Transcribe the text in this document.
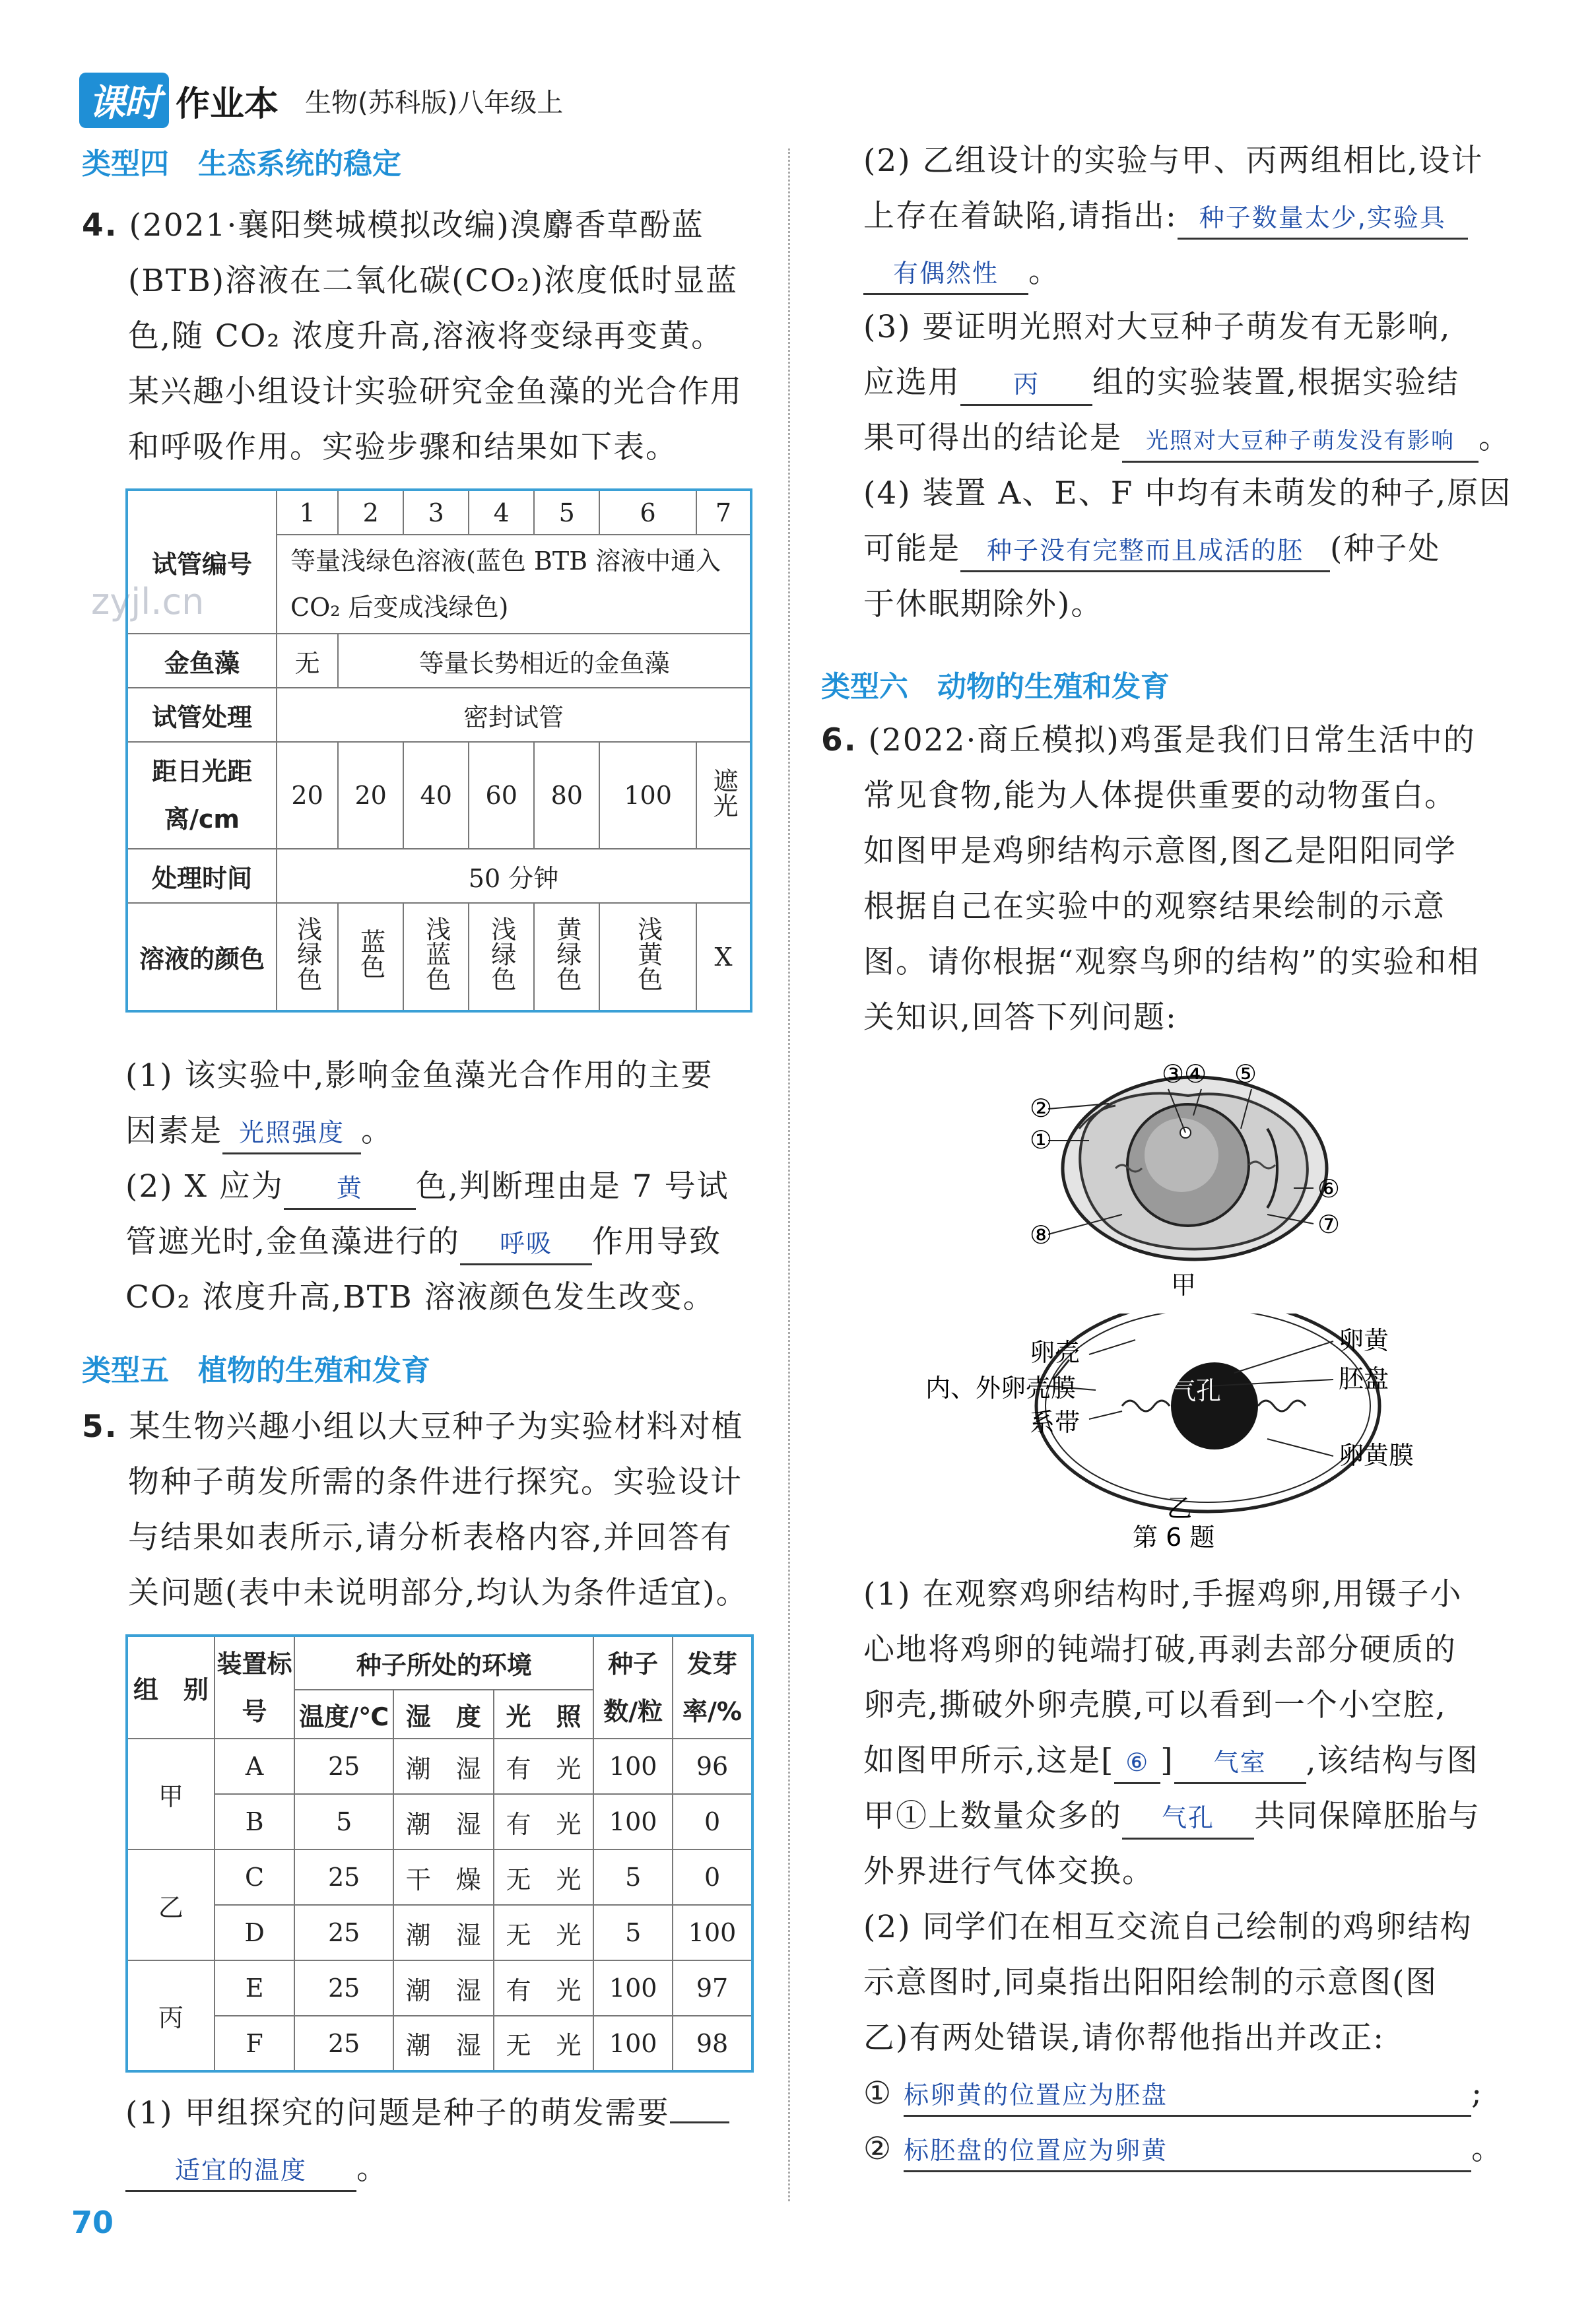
课时 作业本 生物(苏科版)八年级上
zyjl.cn
类型四　生态系统的稳定
4. (2021·襄阳樊城模拟改编)溴麝香草酚蓝
(BTB)溶液在二氧化碳(CO₂)浓度低时显蓝
色,随 CO₂ 浓度升高,溶液将变绿再变黄。
某兴趣小组设计实验研究金鱼藻的光合作用
和呼吸作用。实验步骤和结果如下表。
试管编号	1	2	3	4	5	6	7
	等量浅绿色溶液(蓝色 BTB 溶液中通入 CO₂ 后变成浅绿色)						
金鱼藻	无	等量长势相近的金鱼藻					
试管处理	密封试管						
距日光距离/cm	20	20	40	60	80	100	遮光
处理时间	50 分钟						
溶液的颜色	浅绿色	蓝色	浅蓝色	浅绿色	黄绿色	浅黄色	X
(1) 该实验中,影响金鱼藻光合作用的主要
因素是 光照强度 。
(2) X 应为 黄 色,判断理由是 7 号试
管遮光时,金鱼藻进行的 呼吸 作用导致
CO₂ 浓度升高,BTB 溶液颜色发生改变。
类型五　植物的生殖和发育
5. 某生物兴趣小组以大豆种子为实验材料对植
物种子萌发所需的条件进行探究。实验设计
与结果如表所示,请分析表格内容,并回答有
关问题(表中未说明部分,均认为条件适宜)。
组　别	装置标号	种子所处的环境			种子数/粒	发芽率/%
		温度/℃	湿　度	光　照		
甲	A	25	潮　湿	有　光	100	96
	B	5	潮　湿	有　光	100	0
乙	C	25	干　燥	无　光	5	0
	D	25	潮　湿	无　光	5	100
丙	E	25	潮　湿	有　光	100	97
	F	25	潮　湿	无　光	100	98
(1) 甲组探究的问题是种子的萌发需要
适宜的温度 。
70
(2) 乙组设计的实验与甲、丙两组相比,设计
上存在着缺陷,请指出: 种子数量太少,实验具
有偶然性 。
(3) 要证明光照对大豆种子萌发有无影响,
应选用 丙 组的实验装置,根据实验结
果可得出的结论是 光照对大豆种子萌发没有影响 。
(4) 装置 A、E、F 中均有未萌发的种子,原因
可能是 种子没有完整而且成活的胚 (种子处
于休眠期除外)。
类型六　动物的生殖和发育
6. (2022·商丘模拟)鸡蛋是我们日常生活中的
常见食物,能为人体提供重要的动物蛋白。
如图甲是鸡卵结构示意图,图乙是阳阳同学
根据自己在实验中的观察结果绘制的示意
图。请你根据“观察鸟卵的结构”的实验和相
关知识,回答下列问题:
②
①
③④ ⑤
⑥
⑦
⑧
甲
卵壳
内、外卵壳膜
系带
卵黄
胚盘
气孔
卵黄膜
乙
第 6 题
(1) 在观察鸡卵结构时,手握鸡卵,用镊子小
心地将鸡卵的钝端打破,再剥去部分硬质的
卵壳,撕破外卵壳膜,可以看到一个小空腔,
如图甲所示,这是[ ⑥ ] 气室 ,该结构与图
甲①上数量众多的 气孔 共同保障胚胎与
外界进行气体交换。
(2) 同学们在相互交流自己绘制的鸡卵结构
示意图时,同桌指出阳阳绘制的示意图(图
乙)有两处错误,请你帮他指出并改正:
① 标卵黄的位置应为胚盘	;
② 标胚盘的位置应为卵黄	。
